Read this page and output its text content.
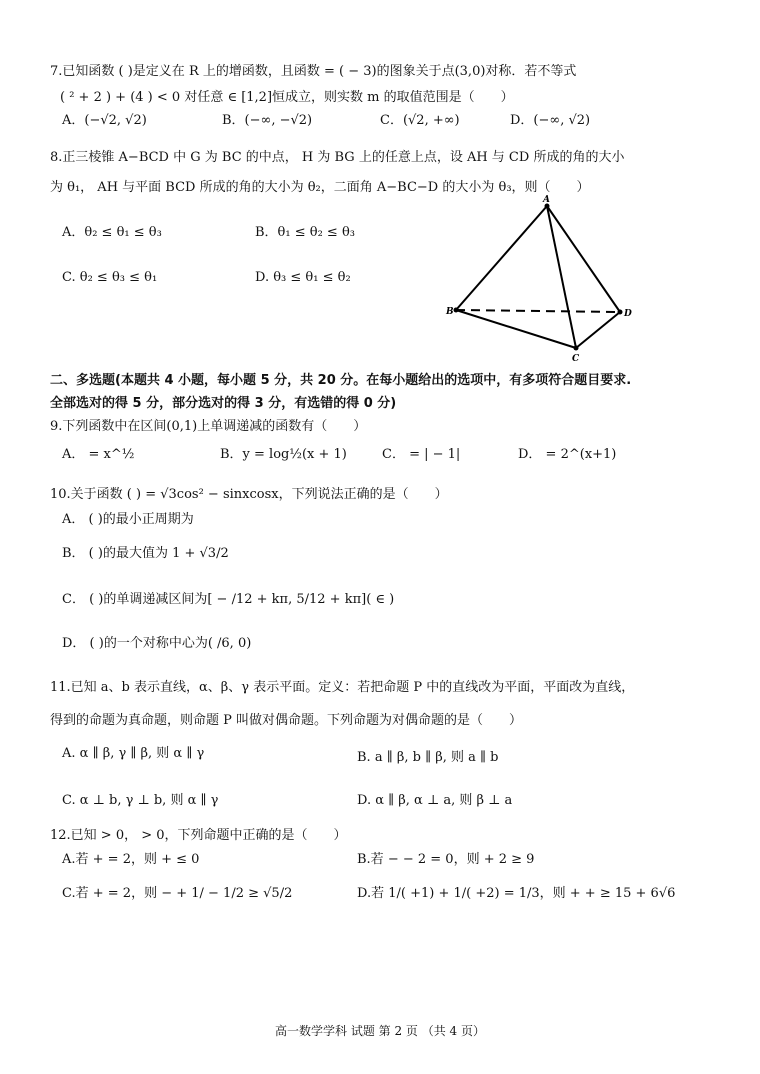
7.已知函数 ( )是定义在 R 上的增函数，且函数 = ( − 3)的图象关于点(3,0)对称．若不等式
( ² + 2 ) + (4 ) < 0 对任意 ∈ [1,2]恒成立，则实数 m 的取值范围是（　　）
A．(−√2, √2)	B．(−∞, −√2)	C．(√2, +∞)	D．(−∞, √2)
8.正三棱锥 A−BCD 中 G 为 BC 的中点， H 为 BG 上的任意上点，设 AH 与 CD 所成的角的大小
为 θ₁， AH 与平面 BCD 所成的角的大小为 θ₂，二面角 A−BC−D 的大小为 θ₃，则（　　）
A．θ₂ ≤ θ₁ ≤ θ₃	B．θ₁ ≤ θ₂ ≤ θ₃
C. θ₂ ≤ θ₃ ≤ θ₁	D. θ₃ ≤ θ₁ ≤ θ₂
A
B
C
D
二、多选题(本题共 4 小题，每小题 5 分，共 20 分。在每小题给出的选项中，有多项符合题目要求.
全部选对的得 5 分，部分选对的得 3 分，有选错的得 0 分)
9.下列函数中在区间(0,1)上单调递减的函数有（　　）
A． = x^½	B．y = log½(x + 1)	C． = | − 1|	D． = 2^(x+1)
10.关于函数 ( ) = √3cos² − sinxcosx，下列说法正确的是（　　）
A． ( )的最小正周期为
B． ( )的最大值为 1 + √3/2
C． ( )的单调递减区间为[ − /12 + kπ, 5/12 + kπ]( ∈ )
D． ( )的一个对称中心为( /6, 0)
11.已知 a、b 表示直线，α、β、γ 表示平面。定义：若把命题 P 中的直线改为平面，平面改为直线，
得到的命题为真命题，则命题 P 叫做对偶命题。下列命题为对偶命题的是（　　）
A. α ∥ β, γ ∥ β, 则 α ∥ γ	B. a ∥ β, b ∥ β, 则 a ∥ b
C. α ⊥ b, γ ⊥ b, 则 α ∥ γ	D. α ∥ β, α ⊥ a, 则 β ⊥ a
12.已知 > 0， > 0，下列命题中正确的是（　　）
A.若 + = 2，则 + ≤ 0	B.若 − − 2 = 0，则 + 2 ≥ 9
C.若 + = 2，则 − + 1/ − 1/2 ≥ √5/2	D.若 1/( +1) + 1/( +2) = 1/3，则 + + ≥ 15 + 6√6
高一数学学科 试题 第 2 页 （共 4 页）
